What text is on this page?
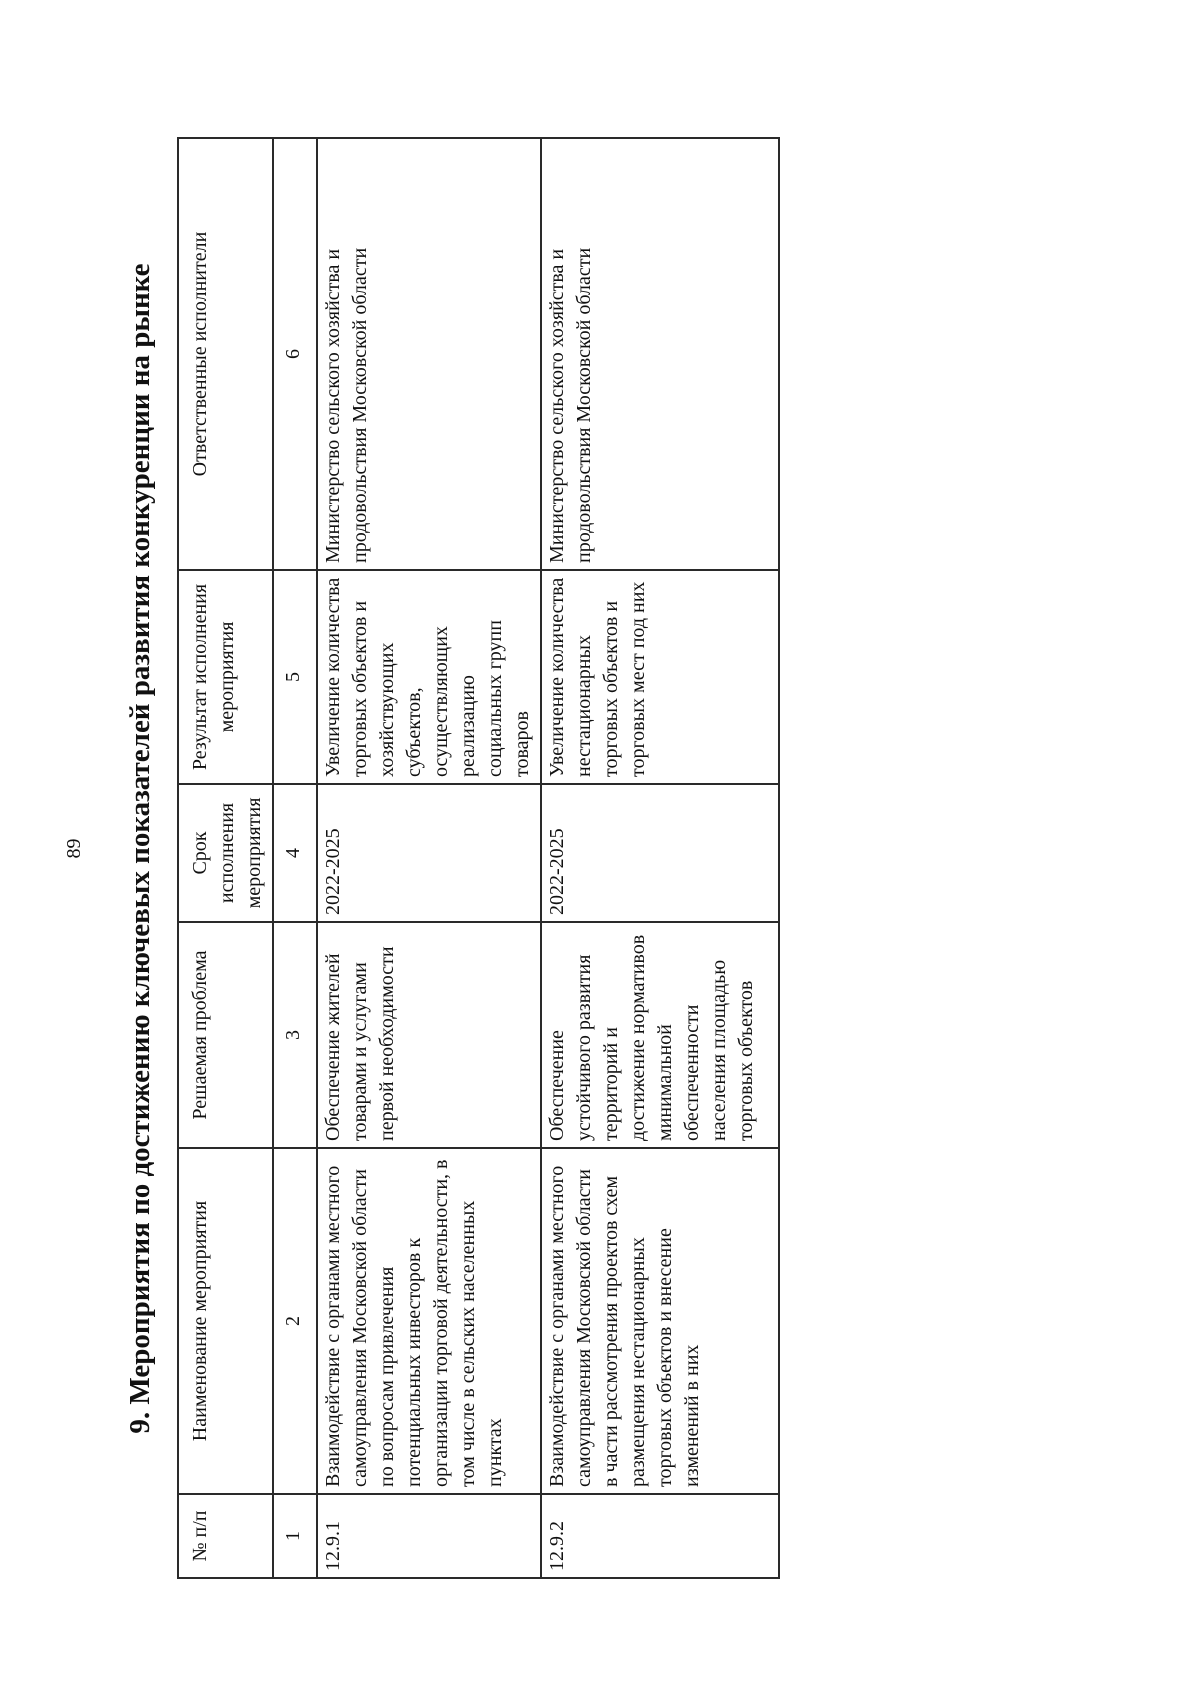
89 9. Мероприятия по достижению ключевых показателей развития конкуренции на рынке
№ п/п	Наименование мероприятия	Решаемая проблема	Срок исполнения мероприятия	Результат исполнения мероприятия	Ответственные исполнители
1	2	3	4	5	6
12.9.1	Взаимодействие с органами местного самоуправления Московской области по вопросам привлечения потенциальных инвесторов к организации торговой деятельности, в том числе в сельских населенных пунктах	Обеспечение жителей товарами и услугами первой необходимости	2022-2025	Увеличение количества торговых объектов и хозяйствующих субъектов, осуществляющих реализацию социальных групп товаров	Министерство сельского хозяйства и продовольствия Московской области
12.9.2	Взаимодействие с органами местного самоуправления Московской области в части рассмотрения проектов схем размещения нестационарных торговых объектов и внесение изменений в них	Обеспечение устойчивого развития территорий и достижение нормативов минимальной обеспеченности населения площадью торговых объектов	2022-2025	Увеличение количества нестационарных торговых объектов и торговых мест под них	Министерство сельского хозяйства и продовольствия Московской области
